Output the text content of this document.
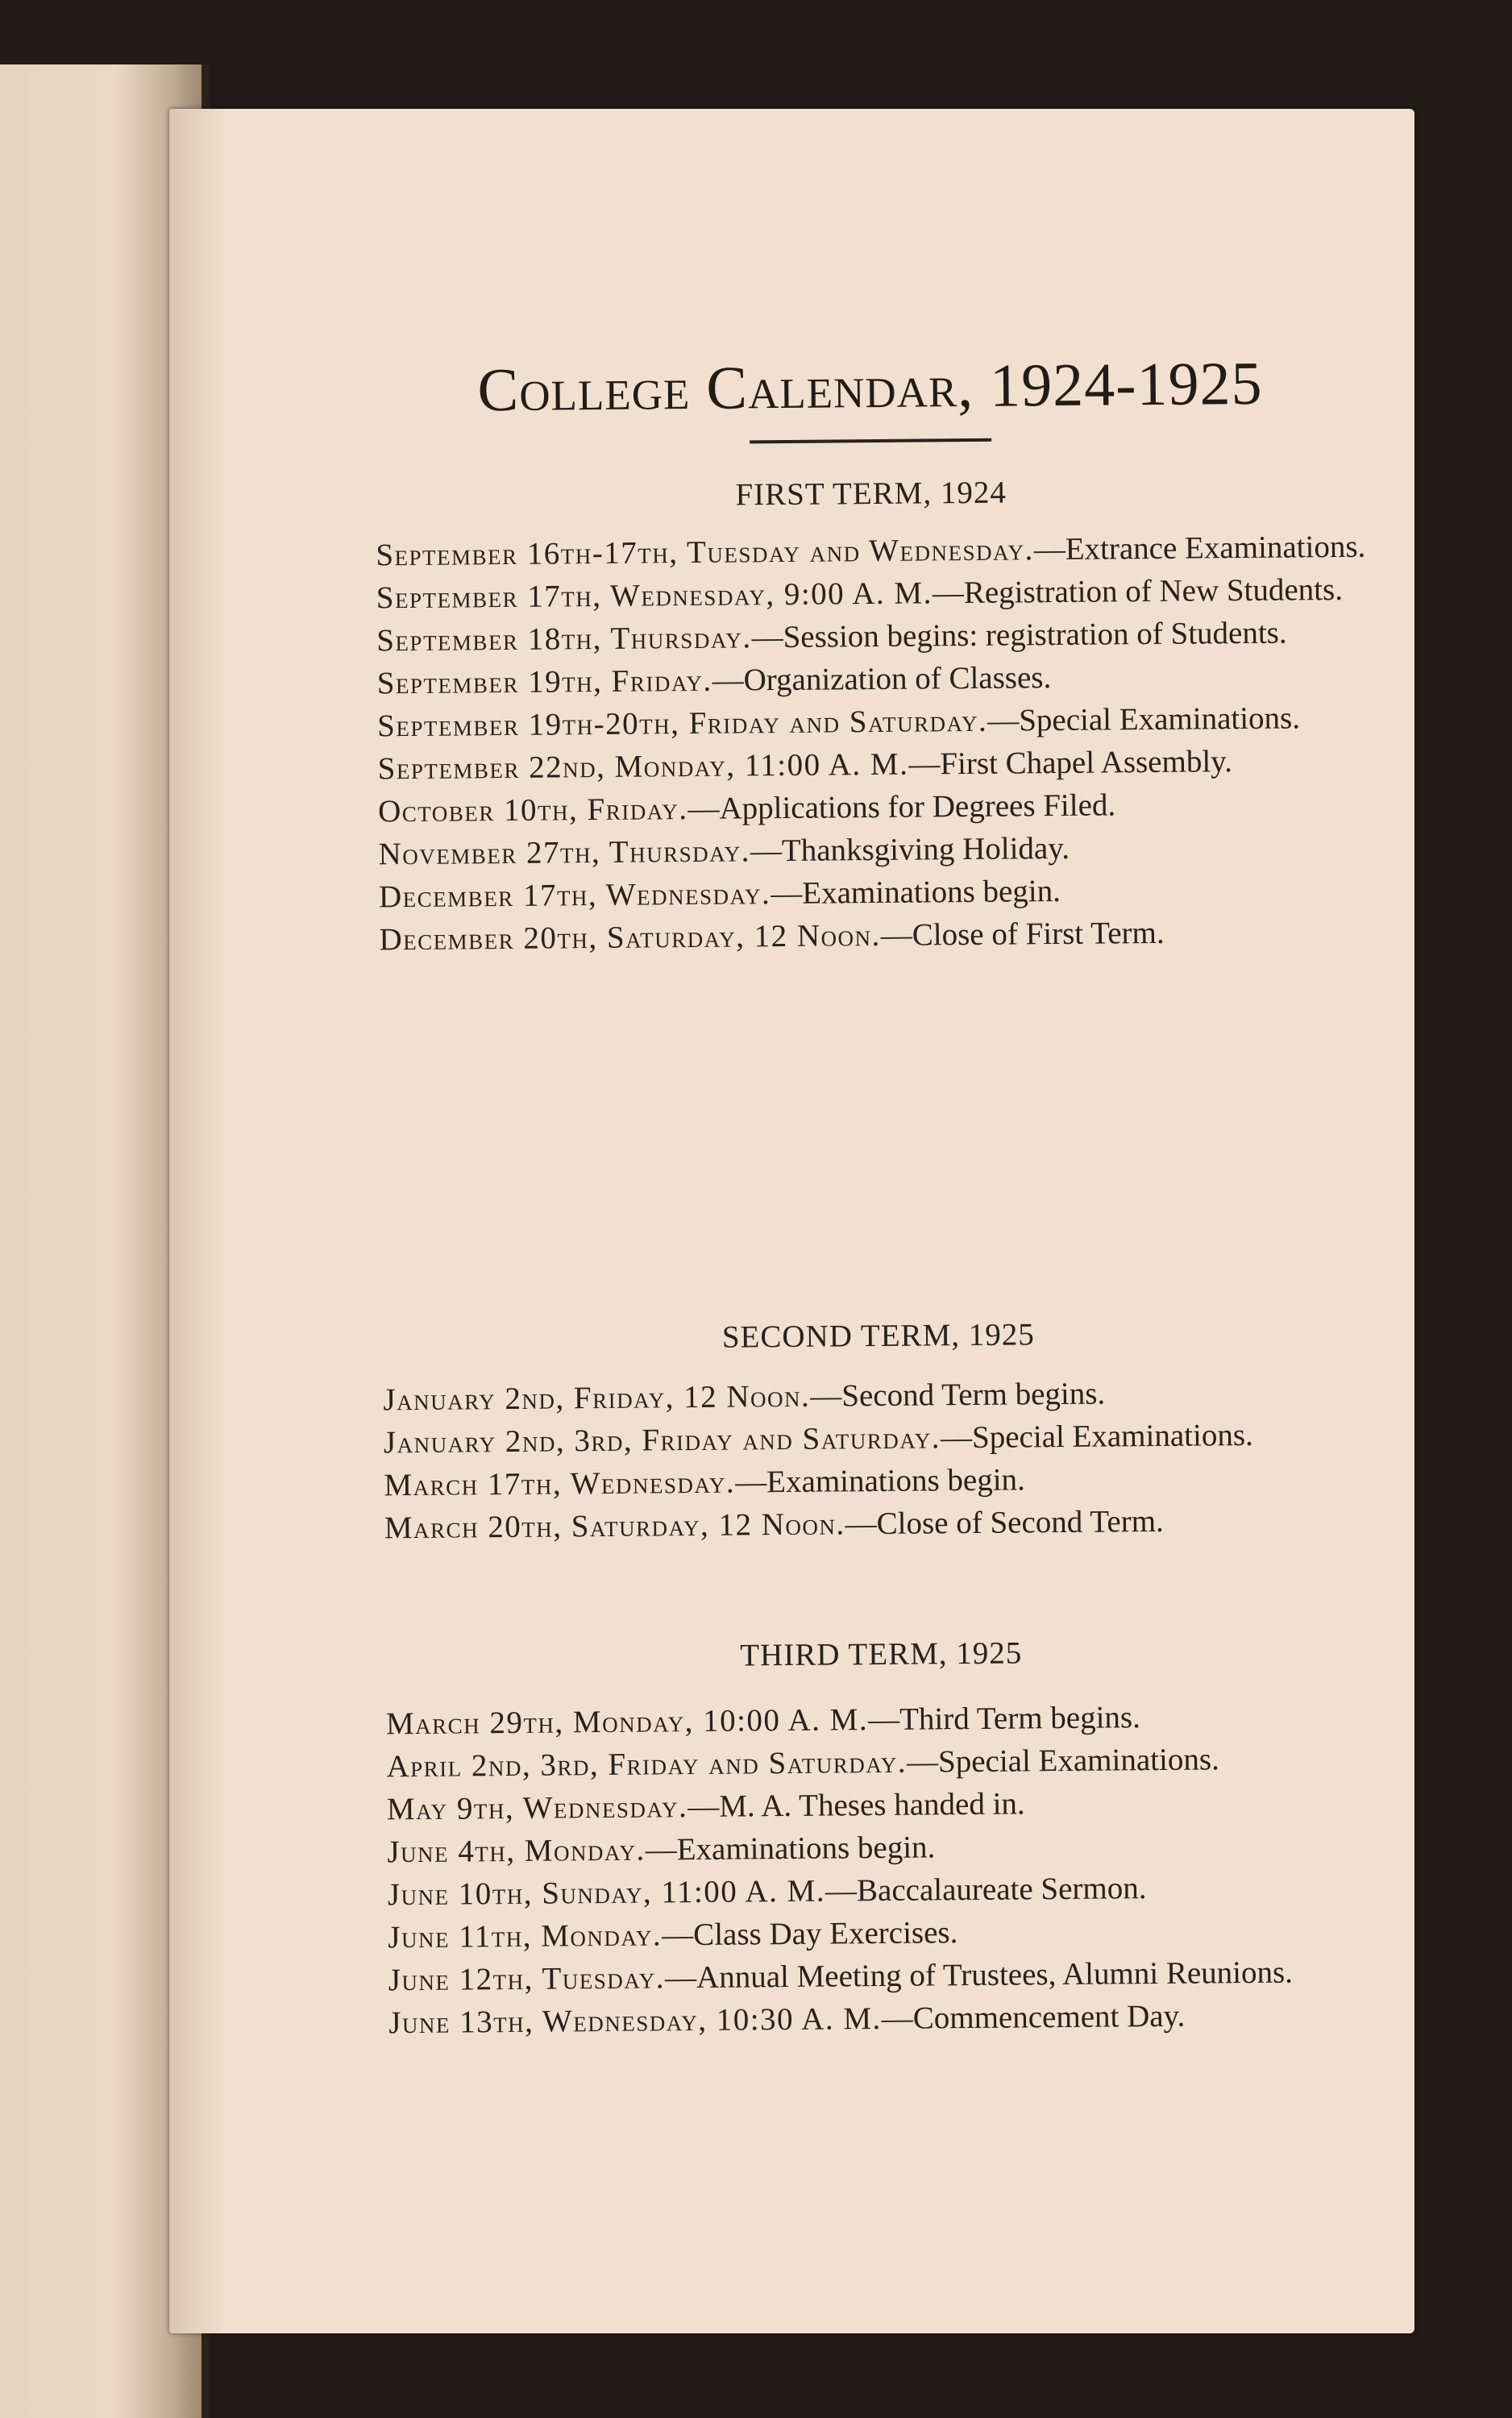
College Calendar, 1924-1925
FIRST TERM, 1924
September 16th-17th, Tuesday and Wednesday.—Extrance Examinations.
September 17th, Wednesday, 9:00 A. M.—Registration of New Students.
September 18th, Thursday.—Session begins: registration of Students.
September 19th, Friday.—Organization of Classes.
September 19th-20th, Friday and Saturday.—Special Examinations.
September 22nd, Monday, 11:00 A. M.—First Chapel Assembly.
October 10th, Friday.—Applications for Degrees Filed.
November 27th, Thursday.—Thanksgiving Holiday.
December 17th, Wednesday.—Examinations begin.
December 20th, Saturday, 12 Noon.—Close of First Term.
SECOND TERM, 1925
January 2nd, Friday, 12 Noon.—Second Term begins.
January 2nd, 3rd, Friday and Saturday.—Special Examinations.
March 17th, Wednesday.—Examinations begin.
March 20th, Saturday, 12 Noon.—Close of Second Term.
THIRD TERM, 1925
March 29th, Monday, 10:00 A. M.—Third Term begins.
April 2nd, 3rd, Friday and Saturday.—Special Examinations.
May 9th, Wednesday.—M. A. Theses handed in.
June 4th, Monday.—Examinations begin.
June 10th, Sunday, 11:00 A. M.—Baccalaureate Sermon.
June 11th, Monday.—Class Day Exercises.
June 12th, Tuesday.—Annual Meeting of Trustees, Alumni Reunions.
June 13th, Wednesday, 10:30 A. M.—Commencement Day.
